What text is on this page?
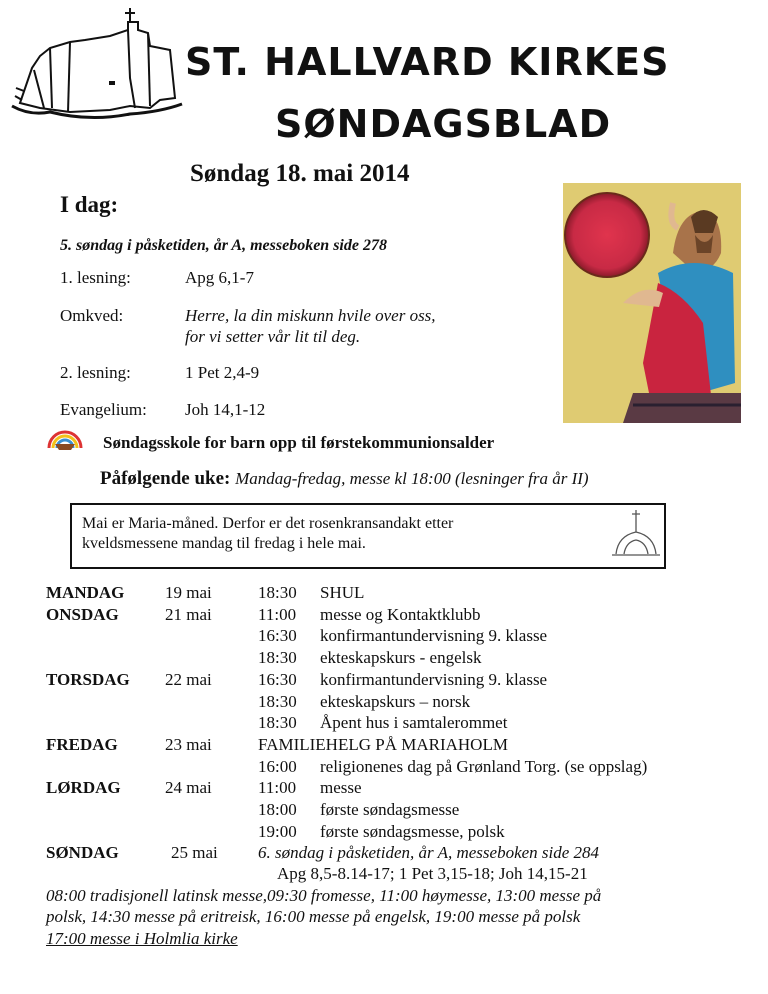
ST. HALLVARD KIRKES
SØNDAGSBLAD
Søndag 18. mai 2014
I dag:
5. søndag i påsketiden, år A, messeboken side 278
1. lesning:	Apg 6,1-7
Omkved:	Herre, la din miskunn hvile over oss,
for vi setter vår lit til deg.
2. lesning:	1 Pet 2,4-9
Evangelium: Joh 14,1-12
Søndagsskole for barn opp til førstekommunionsalder
Påfølgende uke: Mandag-fredag, messe kl 18:00 (lesninger fra år II)
Mai er Maria-måned. Derfor er det rosenkransandakt etter
kveldsmessene mandag til fredag i hele mai.
MANDAG 19 mai	18:30 SHUL
ONSDAG	21 mai	11:00 messe og Kontaktklubb
16:30 konfirmantundervisning 9. klasse
18:30 ekteskapskurs - engelsk
TORSDAG 22 mai	16:30 konfirmantundervisning 9. klasse
18:30 ekteskapskurs – norsk
18:30 Åpent hus i samtalerommet
FREDAG	23 mai	FAMILIEHELG PÅ MARIAHOLM
16:00 religionenes dag på Grønland Torg. (se oppslag)
LØRDAG	24 mai	11:00 messe
18:00 første søndagsmesse
19:00 første søndagsmesse, polsk
SØNDAG	25 mai 6. søndag i påsketiden, år A, messeboken side 284
Apg 8,5-8.14-17; 1 Pet 3,15-18; Joh 14,15-21
08:00 tradisjonell latinsk messe,09:30 fromesse, 11:00 høymesse, 13:00 messe på
polsk, 14:30 messe på eritreisk, 16:00 messe på engelsk, 19:00 messe på polsk
17:00 messe i Holmlia kirke
